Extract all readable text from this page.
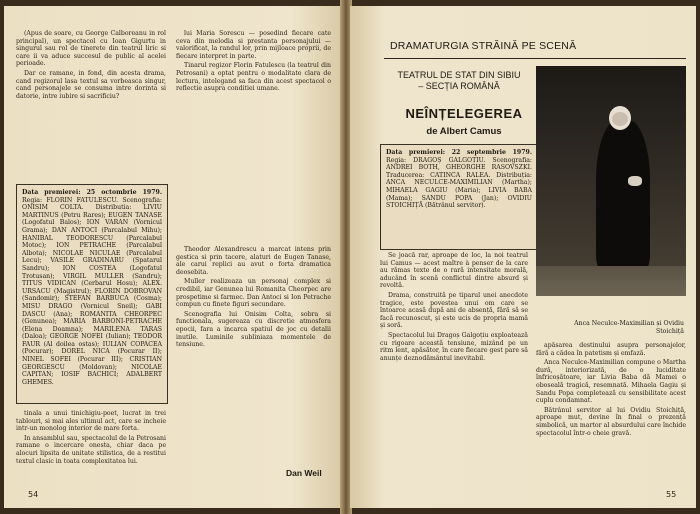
(Apus de soare, cu George Calboreanu in rol principal), un spectacol cu Ioan Gigurtu in singurul sau rol de tinerete din teatrul liric si care ii va aduce succesul de public al acelei perioade.

Dar ce ramane, in fond, din acesta drama, cand regizorul lasa textul sa vorbeasca singur, cand personajele se consuma intre dorinta si datorie, intre iubire si sacrificiu?

Data premierei: 25 octombrie 1979. Regia: FLORIN FATULESCU. Scenografia: ONISIM COLTA. Distributia: LIVIU MARTINUS (Petru Rares); EUGEN TANASE (Logofatul Balos); ION VARAN (Vornicul Grama); DAN ANTOCI (Parcalabul Mihu); HANIBAL TEODORESCU (Parcalabul Motoc); ION PETRACHE (Parcalabul Albota); NICOLAE NICULAE (Parcalabul Lecu); VASILE GRADINARU (Spatarul Sandru); ION COSTEA (Logofatul Trotusan); VIRGIL MULLER (Sandru); TITUS VIDICAN (Cerbarul Hosu); ALEX. URSACU (Magistrul); FLORIN DOBROVAN (Sandomir); STEFAN BARBUCA (Cosma); MISU DRAGO (Vornicul Sneil); GABI DASCU (Ana); ROMANITA CHEORPEC (Genunea); MARIA BARBONI-PETRACHE (Elena Doamna); MARILENA TARAS (Daloa); GEORGE NOFEI (Iulian); TEODOR FAUR (Al doilea ostas); IULIAN COPACEA (Pocurar); DOREL NICA (Pocurar II); NINEL SOFEI (Pocurar III); CRISTIAN GEORGESCU (Moldovan); NICOLAE CAPITAN; IOSIF BACHICI; ADALBERT GHEMES.

tinala a unui tinichigiu-poet, lucrat in trei tablouri, si mai ales ultimul act, care se incheie intr-un monolog interior de mare forta.

In ansamblul sau, spectacolul de la Petrosani ramane o incercare onesta, chiar daca pe alocuri lipsita de unitate stilistica, de a restitui textul clasic in toata complexitatea lui.

lui Maria Sorescu — posedind fiecare cate ceva din melodia si prestanta personajului — valorificat, la randul lor, prin mijloace proprii, de fiecare interpret in parte.

Tinarul regizor Florin Fatulescu (la teatrul din Petrosani) a optat pentru o modalitate clara de lectura, intelegand sa faca din acest spectacol o reflectie asupra conditiei umane.

Theodor Alexandrescu a marcat intens prin gestica si prin tacere, alaturi de Eugen Tanase, ale carui replici au avut o forta dramatica deosebita.

Muller realizeaza un personaj complex si credibil, iar Genunea lui Romanita Cheorpec are prospetime si farmec. Dan Antoci si Ion Petrache compun cu finete figuri secundare.

Scenografia lui Onisim Colta, sobra si functionala, sugereaza cu discretie atmosfera epocii, fara a incarca spatiul de joc cu detalii inutile. Luminile subliniaza momentele de tensiune.

Dan Weil
54
DRAMATURGIA STRĂINĂ PE SCENĂ
TEATRUL DE STAT DIN SIBIU
– SECȚIA ROMÂNĂ
NEÎNȚELEGEREA
de Albert Camus
Data premierei: 22 septembrie 1979. Regia: DRAGOȘ GALGOȚIU. Scenografia: ANDREI BOTH, GHEORGHE RASOVSZKI. Traducerea: CATINCA RALEA. Distribuția: ANCA NECULCE-MAXIMILIAN (Martha); MIHAELA GAGIU (Maria); LIVIA BABA (Mama); SANDU POPA (Jan); OVIDIU STOICHIȚĂ (Bătrânul servitor).
Anca Neculce-Maximilian și Ovidiu Stoichiță

Se joacă rar, aproape de loc, la noi teatrul lui Camus — acest maître à penser de la care au rămas texte de o rară intensitate morală, aducând în scenă conflictul dintre absurd și revoltă.

Drama, construită pe tiparul unei anecdote tragice, este povestea unui om care se întoarce acasă după ani de absență, fără să se facă recunoscut, și este ucis de propria mamă și soră.

Spectacolul lui Dragoș Galgoțiu exploatează cu rigoare această tensiune, mizând pe un ritm lent, apăsător, în care fiecare gest pare să anunțe deznodământul inevitabil.

apăsarea destinului asupra personajelor, fără a cădea în patetism și emfază.

Anca Neculce-Maximilian compune o Martha dură, interiorizată, de o luciditate înfricoșătoare, iar Livia Baba dă Mamei o oboseală tragică, resemnată. Mihaela Gagiu și Sandu Popa completează cu sensibilitate acest cuplu condamnat.

Bătrânul servitor al lui Ovidiu Stoichiță, aproape mut, devine în final o prezență simbolică, un martor al absurdului care închide spectacolul într-o cheie gravă.

55
